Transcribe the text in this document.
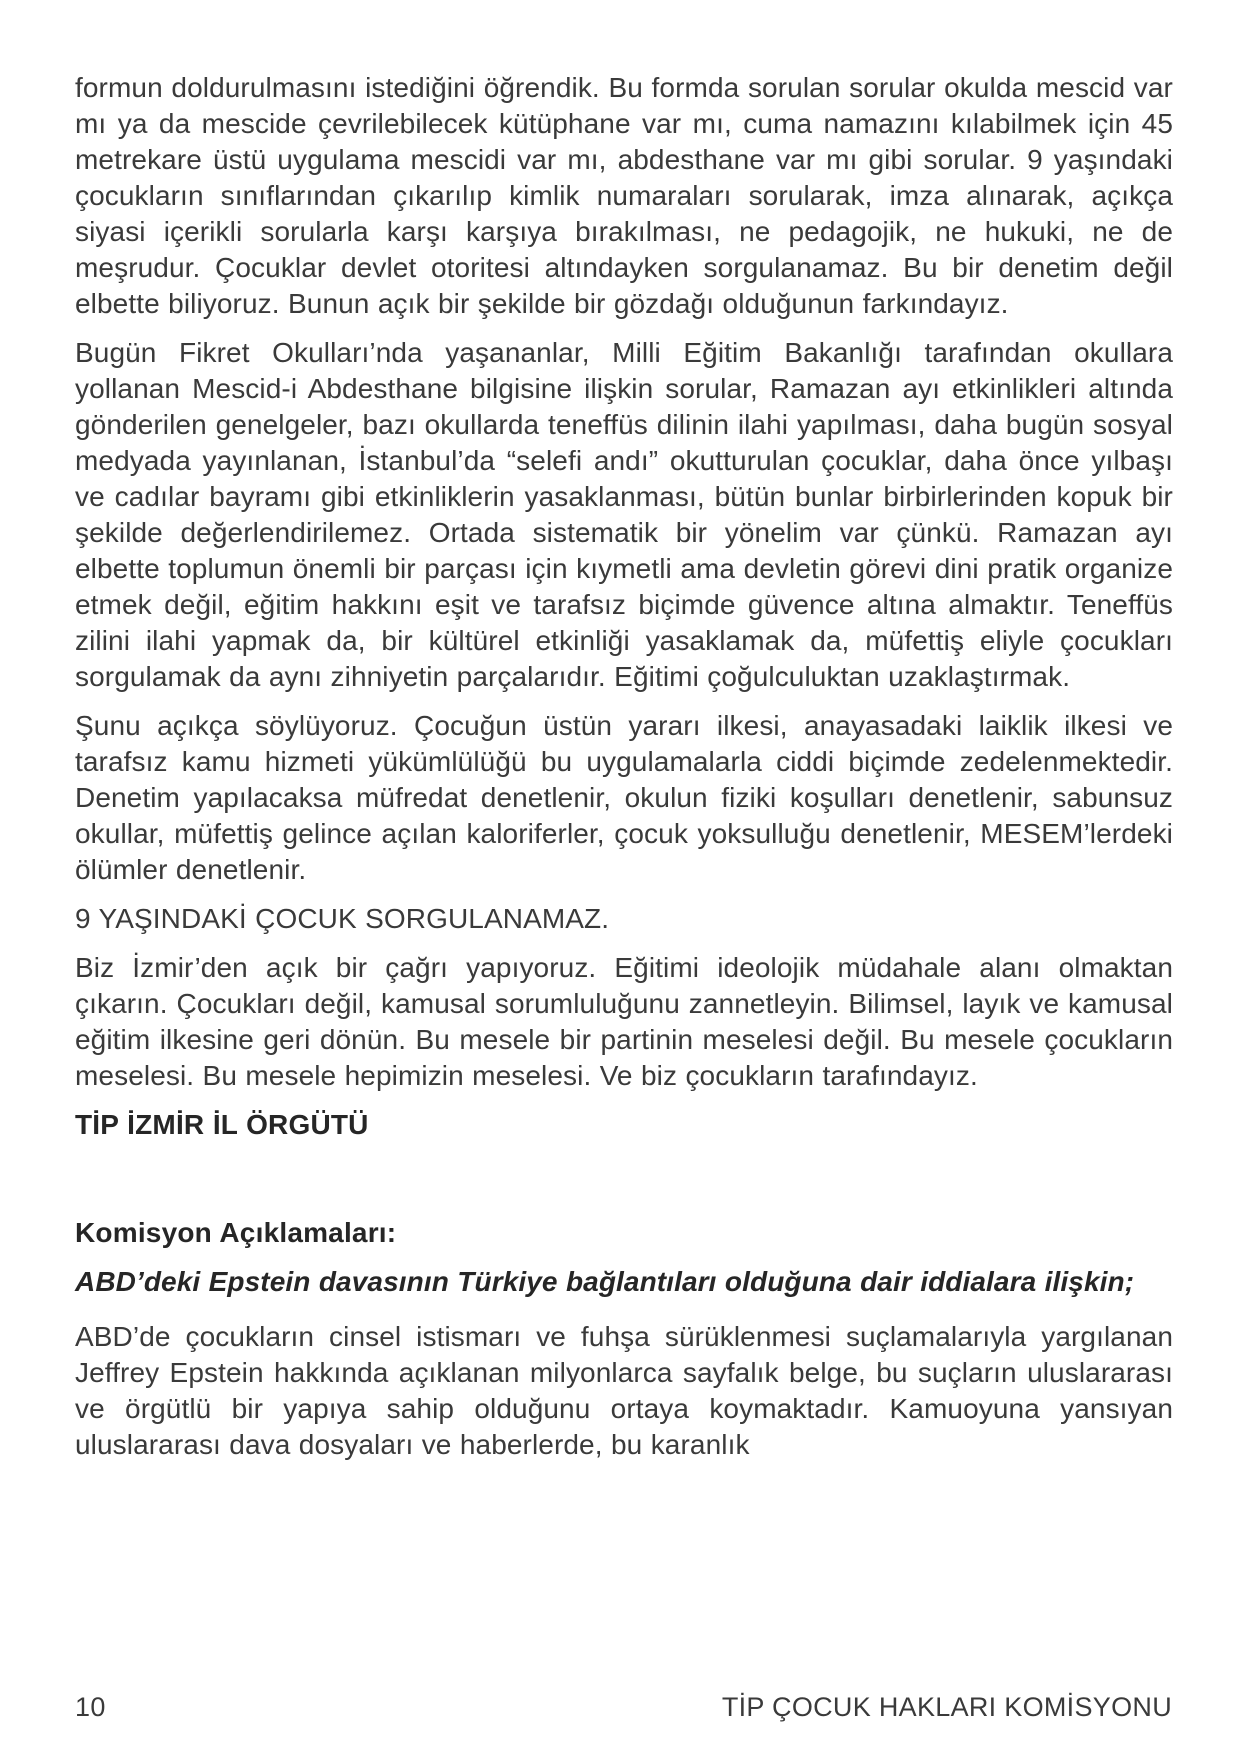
formun doldurulmasını istediğini öğrendik. Bu formda sorulan sorular okulda mescid var mı ya da mescide çevrilebilecek kütüphane var mı, cuma namazını kılabilmek için 45 metrekare üstü uygulama mescidi var mı, abdesthane var mı gibi sorular. 9 yaşındaki çocukların sınıflarından çıkarılıp kimlik numaraları sorularak, imza alınarak, açıkça siyasi içerikli sorularla karşı karşıya bırakılması, ne pedagojik, ne hukuki, ne de meşrudur. Çocuklar devlet otoritesi altındayken sorgulanamaz. Bu bir denetim değil elbette biliyoruz. Bunun açık bir şekilde bir gözdağı olduğunun farkındayız.

Bugün Fikret Okulları’nda yaşananlar, Milli Eğitim Bakanlığı tarafından okullara yollanan Mescid-i Abdesthane bilgisine ilişkin sorular, Ramazan ayı etkinlikleri altında gönderilen genelgeler, bazı okullarda teneffüs dilinin ilahi yapılması, daha bugün sosyal medyada yayınlanan, İstanbul’da “selefi andı” okutturulan çocuklar, daha önce yılbaşı ve cadılar bayramı gibi etkinliklerin yasaklanması, bütün bunlar birbirlerinden kopuk bir şekilde değerlendirilemez. Ortada sistematik bir yönelim var çünkü. Ramazan ayı elbette toplumun önemli bir parçası için kıymetli ama devletin görevi dini pratik organize etmek değil, eğitim hakkını eşit ve tarafsız biçimde güvence altına almaktır. Teneffüs zilini ilahi yapmak da, bir kültürel etkinliği yasaklamak da, müfettiş eliyle çocukları sorgulamak da aynı zihniyetin parçalarıdır. Eğitimi çoğulculuktan uzaklaştırmak.

Şunu açıkça söylüyoruz. Çocuğun üstün yararı ilkesi, anayasadaki laiklik ilkesi ve tarafsız kamu hizmeti yükümlülüğü bu uygulamalarla ciddi biçimde zedelenmektedir. Denetim yapılacaksa müfredat denetlenir, okulun fiziki koşulları denetlenir, sabunsuz okullar, müfettiş gelince açılan kaloriferler, çocuk yoksulluğu denetlenir, MESEM’lerdeki ölümler denetlenir.

9 YAŞINDAKİ ÇOCUK SORGULANAMAZ.

Biz İzmir’den açık bir çağrı yapıyoruz. Eğitimi ideolojik müdahale alanı olmaktan çıkarın. Çocukları değil, kamusal sorumluluğunu zannetleyin. Bilimsel, layık ve kamusal eğitim ilkesine geri dönün. Bu mesele bir partinin meselesi değil. Bu mesele çocukların meselesi. Bu mesele hepimizin meselesi. Ve biz çocukların tarafındayız.

TİP İZMİR İL ÖRGÜTÜ

Komisyon Açıklamaları:
ABD’deki Epstein davasının Türkiye bağlantıları olduğuna dair iddialara ilişkin;

ABD’de çocukların cinsel istismarı ve fuhşa sürüklenmesi suçlamalarıyla yargılanan Jeffrey Epstein hakkında açıklanan milyonlarca sayfalık belge, bu suçların uluslararası ve örgütlü bir yapıya sahip olduğunu ortaya koymaktadır. Kamuoyuna yansıyan uluslararası dava dosyaları ve haberlerde, bu karanlık

10	TİP ÇOCUK HAKLARI KOMİSYONU
